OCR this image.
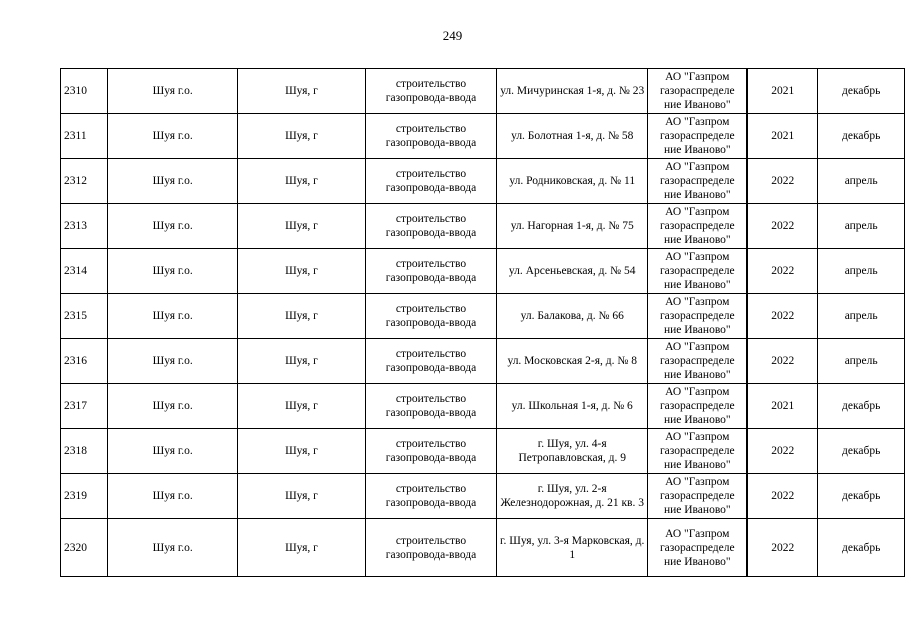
249
2310	Шуя г.о.	Шуя, г	строительство газопровода-ввода	ул. Мичуринская 1-я, д. № 23	АО "Газпром газораспределе ние Иваново"	2021	декабрь
2311	Шуя г.о.	Шуя, г	строительство газопровода-ввода	ул. Болотная 1-я, д. № 58	АО "Газпром газораспределе ние Иваново"	2021	декабрь
2312	Шуя г.о.	Шуя, г	строительство газопровода-ввода	ул. Родниковская, д. № 11	АО "Газпром газораспределе ние Иваново"	2022	апрель
2313	Шуя г.о.	Шуя, г	строительство газопровода-ввода	ул. Нагорная 1-я, д. № 75	АО "Газпром газораспределе ние Иваново"	2022	апрель
2314	Шуя г.о.	Шуя, г	строительство газопровода-ввода	ул. Арсеньевская, д. № 54	АО "Газпром газораспределе ние Иваново"	2022	апрель
2315	Шуя г.о.	Шуя, г	строительство газопровода-ввода	ул. Балакова, д. № 66	АО "Газпром газораспределе ние Иваново"	2022	апрель
2316	Шуя г.о.	Шуя, г	строительство газопровода-ввода	ул. Московская 2-я, д. № 8	АО "Газпром газораспределе ние Иваново"	2022	апрель
2317	Шуя г.о.	Шуя, г	строительство газопровода-ввода	ул. Школьная 1-я, д. № 6	АО "Газпром газораспределе ние Иваново"	2021	декабрь
2318	Шуя г.о.	Шуя, г	строительство газопровода-ввода	г. Шуя, ул. 4-я Петропавловская, д. 9	АО "Газпром газораспределе ние Иваново"	2022	декабрь
2319	Шуя г.о.	Шуя, г	строительство газопровода-ввода	г. Шуя, ул. 2-я Железнодорожная, д. 21 кв. 3	АО "Газпром газораспределе ние Иваново"	2022	декабрь
2320	Шуя г.о.	Шуя, г	строительство газопровода-ввода	г. Шуя, ул. 3-я Марковская, д. 1	АО "Газпром газораспределе ние Иваново"	2022	декабрь
